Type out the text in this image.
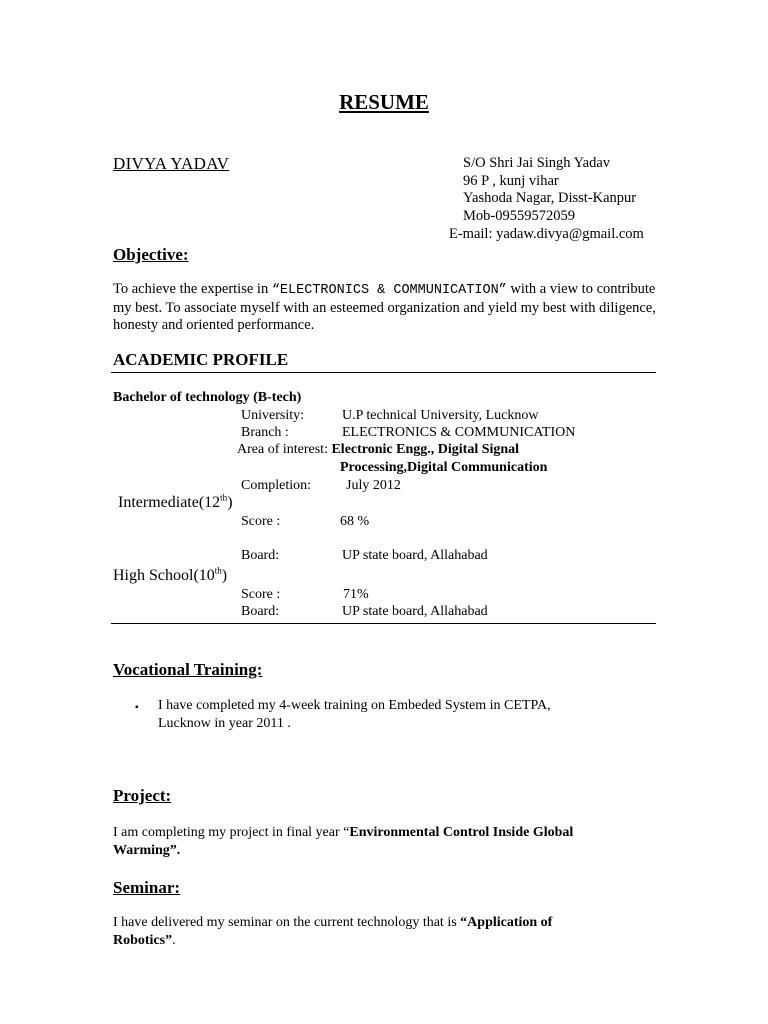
RESUME
DIVYA YADAV	S/O Shri Jai Singh Yadav
96 P , kunj vihar
Yashoda Nagar, Disst-Kanpur
Mob-09559572059
E-mail: yadaw.divya@gmail.com
Objective:
To achieve the expertise in “ELECTRONICS & COMMUNICATION” with a view to contribute my best. To associate myself with an esteemed organization and yield my best with diligence, honesty and oriented performance.
ACADEMIC PROFILE
Bachelor of technology (B-tech)
University:	U.P technical University, Lucknow
Branch :	ELECTRONICS & COMMUNICATION
Area of interest: Electronic Engg., Digital Signal
Processing,Digital Communication
Completion:	July 2012
Intermediate(12th)
Score :	68 %
Board:	UP state board, Allahabad
High School(10th)
Score :	71%
Board:	UP state board, Allahabad
Vocational Training:
▪ I have completed my 4-week training on Embeded System in CETPA,
Lucknow in year 2011 .
Project:
I am completing my project in final year “Environmental Control Inside Global
Warming”.
Seminar:
I have delivered my seminar on the current technology that is “Application of
Robotics”.
